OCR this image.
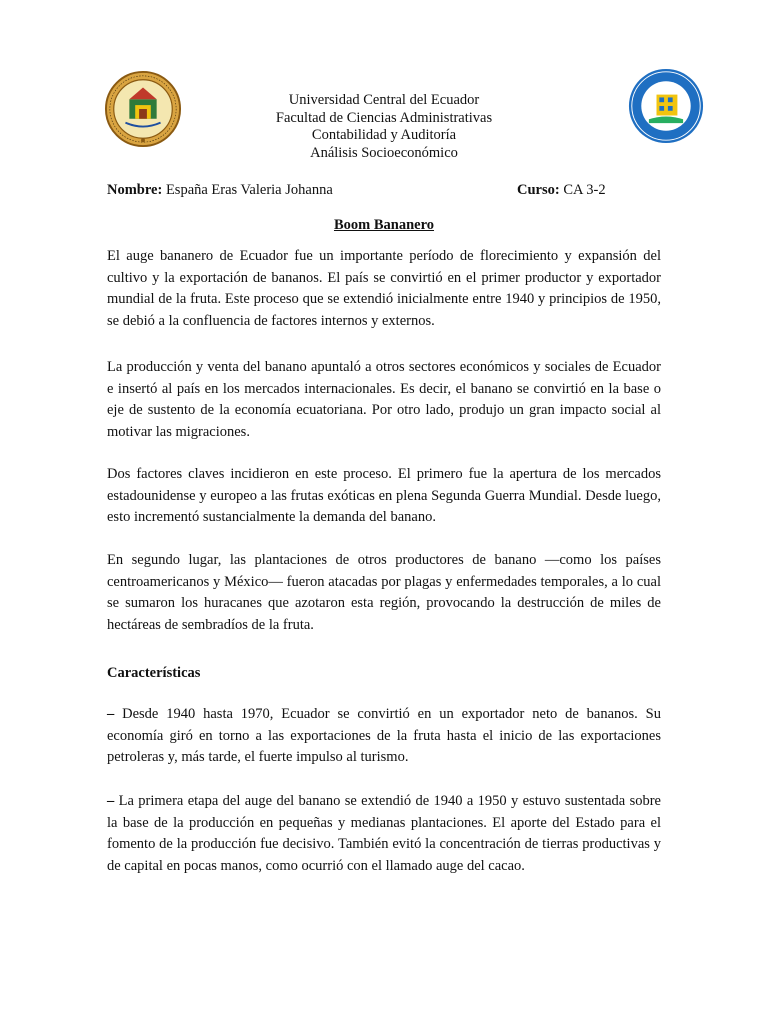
Universidad Central del Ecuador
Facultad de Ciencias Administrativas
Contabilidad y Auditoría
Análisis Socioeconómico
Nombre: España Eras Valeria Johanna	Curso: CA 3-2
Boom Bananero

El auge bananero de Ecuador fue un importante período de florecimiento y expansión del cultivo y la exportación de bananos. El país se convirtió en el primer productor y exportador mundial de la fruta. Este proceso que se extendió inicialmente entre 1940 y principios de 1950, se debió a la confluencia de factores internos y externos.

La producción y venta del banano apuntaló a otros sectores económicos y sociales de Ecuador e insertó al país en los mercados internacionales. Es decir, el banano se convirtió en la base o eje de sustento de la economía ecuatoriana. Por otro lado, produjo un gran impacto social al motivar las migraciones.

Dos factores claves incidieron en este proceso. El primero fue la apertura de los mercados estadounidense y europeo a las frutas exóticas en plena Segunda Guerra Mundial. Desde luego, esto incrementó sustancialmente la demanda del banano.

En segundo lugar, las plantaciones de otros productores de banano —como los países centroamericanos y México— fueron atacadas por plagas y enfermedades temporales, a lo cual se sumaron los huracanes que azotaron esta región, provocando la destrucción de miles de hectáreas de sembradíos de la fruta.

Características

– Desde 1940 hasta 1970, Ecuador se convirtió en un exportador neto de bananos. Su economía giró en torno a las exportaciones de la fruta hasta el inicio de las exportaciones petroleras y, más tarde, el fuerte impulso al turismo.

– La primera etapa del auge del banano se extendió de 1940 a 1950 y estuvo sustentada sobre la base de la producción en pequeñas y medianas plantaciones. El aporte del Estado para el fomento de la producción fue decisivo. También evitó la concentración de tierras productivas y de capital en pocas manos, como ocurrió con el llamado auge del cacao.
